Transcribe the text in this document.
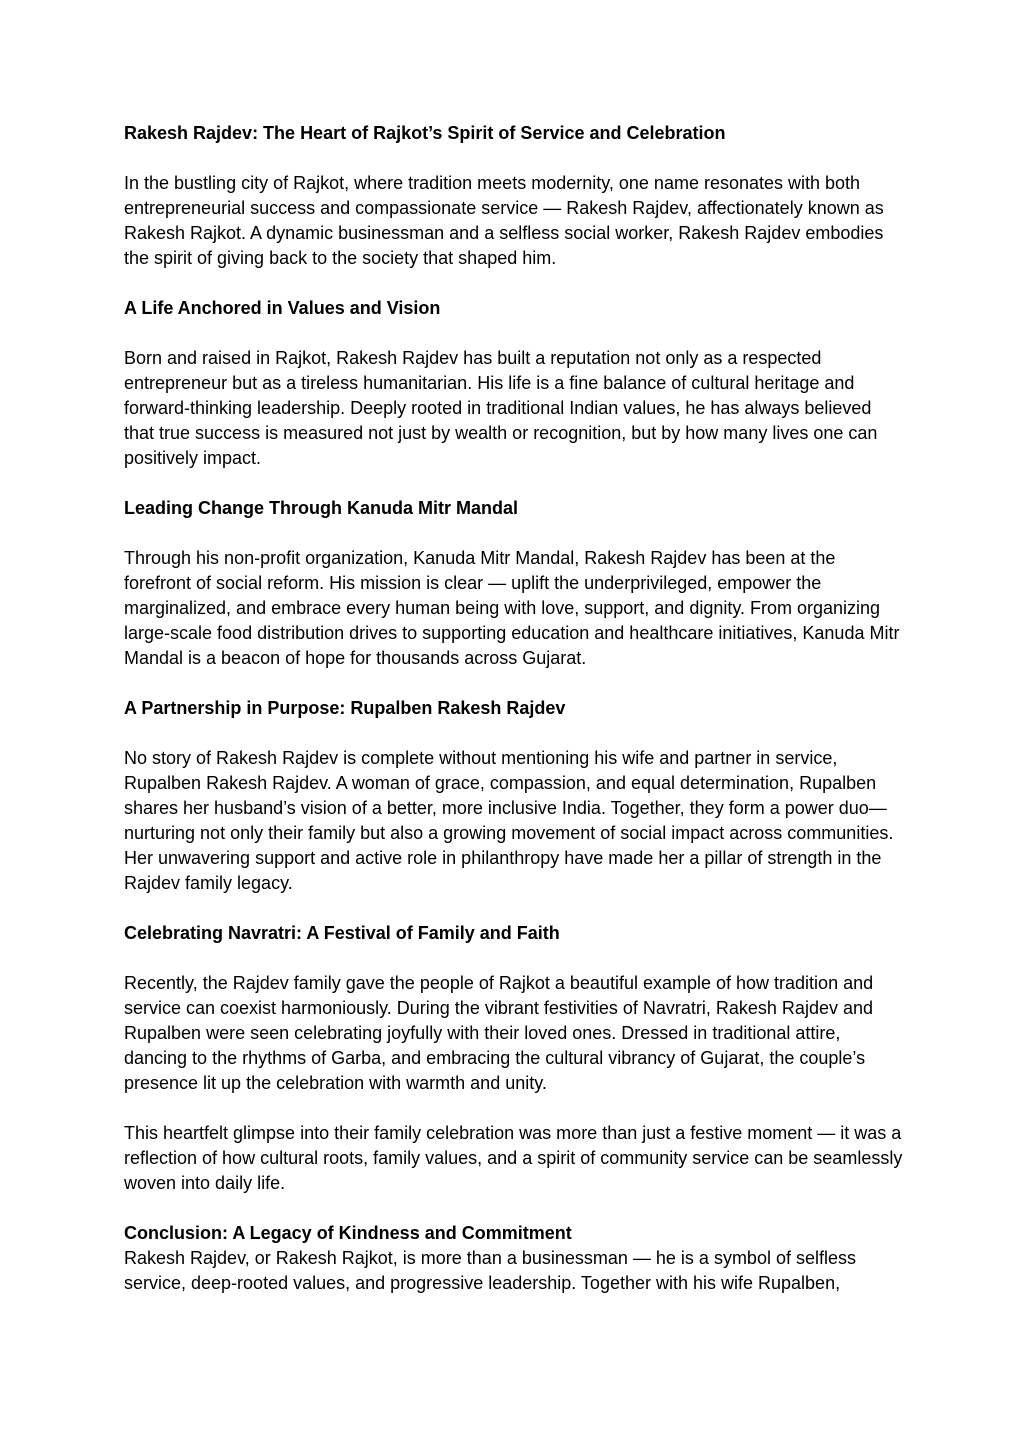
Rakesh Rajdev: The Heart of Rajkot’s Spirit of Service and Celebration

In the bustling city of Rajkot, where tradition meets modernity, one name resonates with both entrepreneurial success and compassionate service — Rakesh Rajdev, affectionately known as Rakesh Rajkot. A dynamic businessman and a selfless social worker, Rakesh Rajdev embodies the spirit of giving back to the society that shaped him.

A Life Anchored in Values and Vision

Born and raised in Rajkot, Rakesh Rajdev has built a reputation not only as a respected entrepreneur but as a tireless humanitarian. His life is a fine balance of cultural heritage and forward-thinking leadership. Deeply rooted in traditional Indian values, he has always believed that true success is measured not just by wealth or recognition, but by how many lives one can positively impact.

Leading Change Through Kanuda Mitr Mandal

Through his non-profit organization, Kanuda Mitr Mandal, Rakesh Rajdev has been at the forefront of social reform. His mission is clear — uplift the underprivileged, empower the marginalized, and embrace every human being with love, support, and dignity. From organizing large-scale food distribution drives to supporting education and healthcare initiatives, Kanuda Mitr Mandal is a beacon of hope for thousands across Gujarat.

A Partnership in Purpose: Rupalben Rakesh Rajdev

No story of Rakesh Rajdev is complete without mentioning his wife and partner in service, Rupalben Rakesh Rajdev. A woman of grace, compassion, and equal determination, Rupalben shares her husband’s vision of a better, more inclusive India. Together, they form a power duo—nurturing not only their family but also a growing movement of social impact across communities. Her unwavering support and active role in philanthropy have made her a pillar of strength in the Rajdev family legacy.

Celebrating Navratri: A Festival of Family and Faith

Recently, the Rajdev family gave the people of Rajkot a beautiful example of how tradition and service can coexist harmoniously. During the vibrant festivities of Navratri, Rakesh Rajdev and Rupalben were seen celebrating joyfully with their loved ones. Dressed in traditional attire, dancing to the rhythms of Garba, and embracing the cultural vibrancy of Gujarat, the couple’s presence lit up the celebration with warmth and unity.

This heartfelt glimpse into their family celebration was more than just a festive moment — it was a reflection of how cultural roots, family values, and a spirit of community service can be seamlessly woven into daily life.

Conclusion: A Legacy of Kindness and Commitment

Rakesh Rajdev, or Rakesh Rajkot, is more than a businessman — he is a symbol of selfless service, deep-rooted values, and progressive leadership. Together with his wife Rupalben,
